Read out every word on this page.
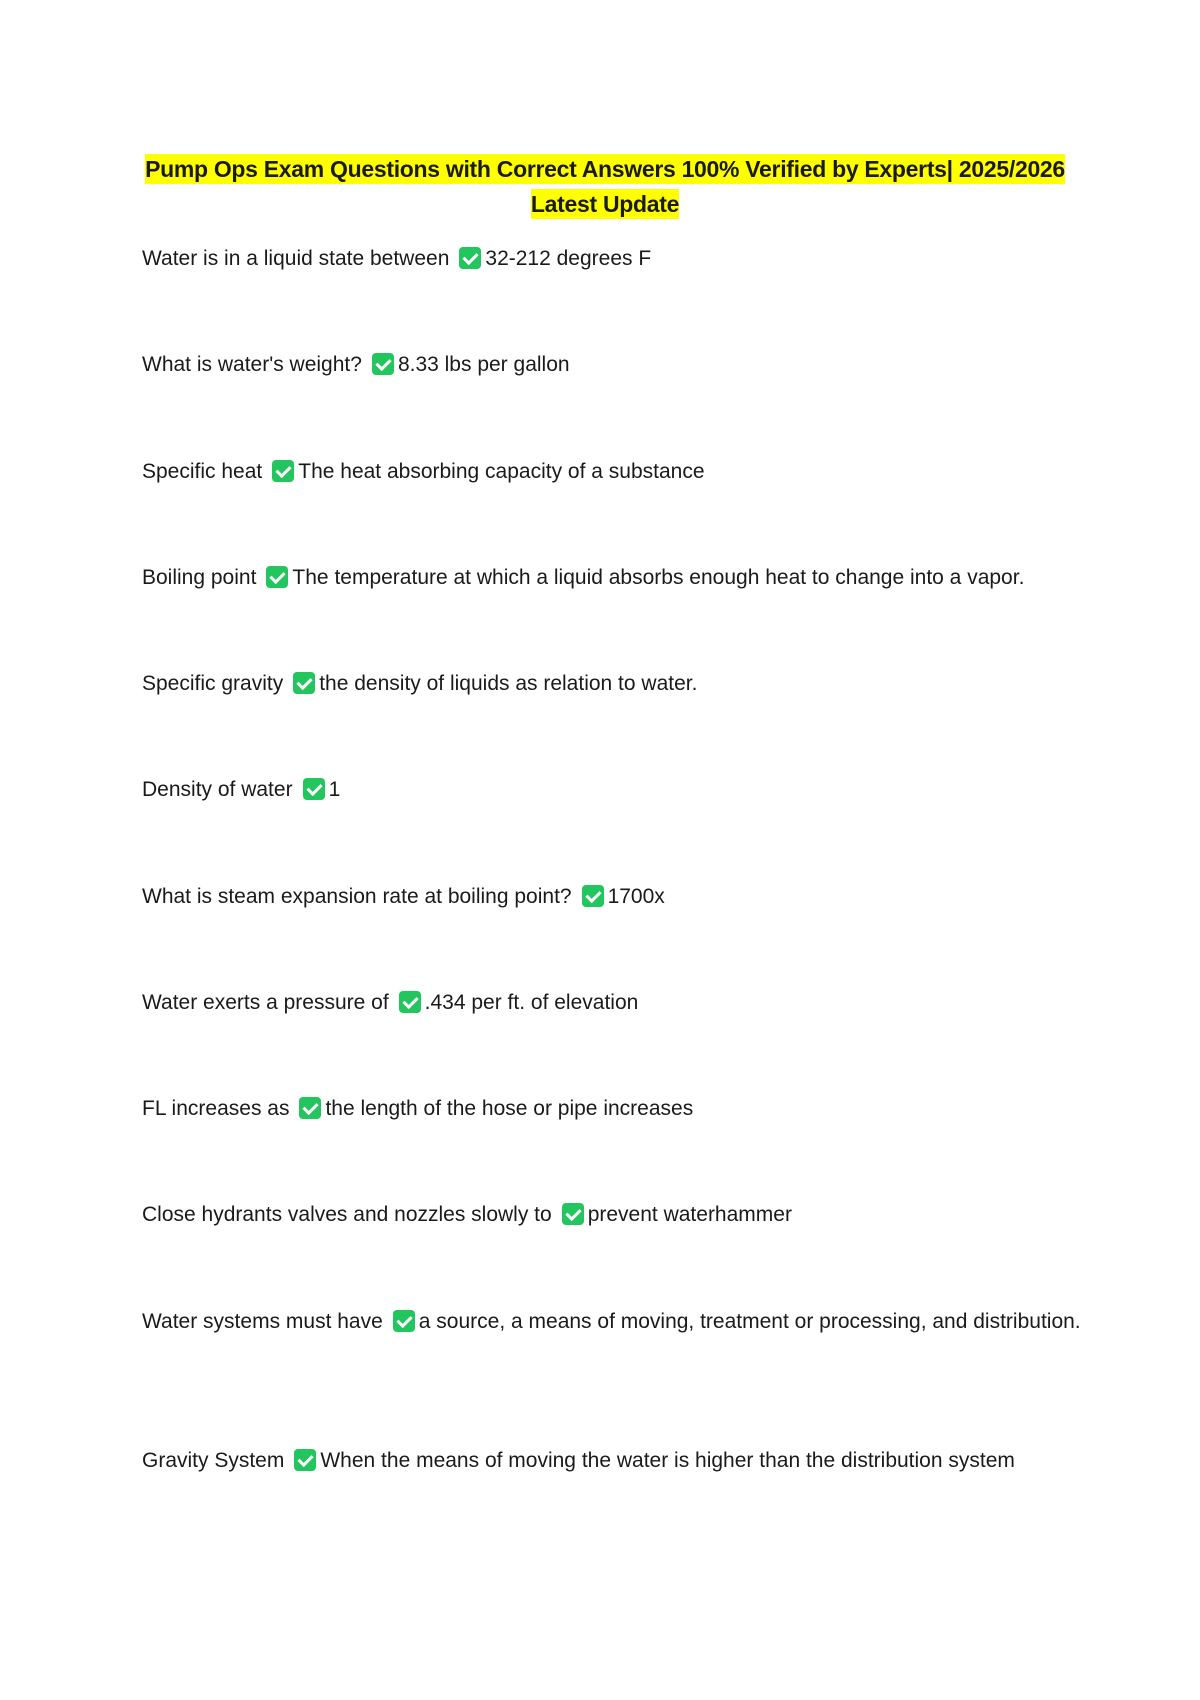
Pump Ops Exam Questions with Correct Answers 100% Verified by Experts| 2025/2026 Latest Update
Water is in a liquid state between 32-212 degrees F
What is water's weight? 8.33 lbs per gallon
Specific heat The heat absorbing capacity of a substance
Boiling point The temperature at which a liquid absorbs enough heat to change into a vapor.
Specific gravity the density of liquids as relation to water.
Density of water 1
What is steam expansion rate at boiling point? 1700x
Water exerts a pressure of .434 per ft. of elevation
FL increases as the length of the hose or pipe increases
Close hydrants valves and nozzles slowly to prevent waterhammer
Water systems must have a source, a means of moving, treatment or processing, and distribution.
Gravity System When the means of moving the water is higher than the distribution system
